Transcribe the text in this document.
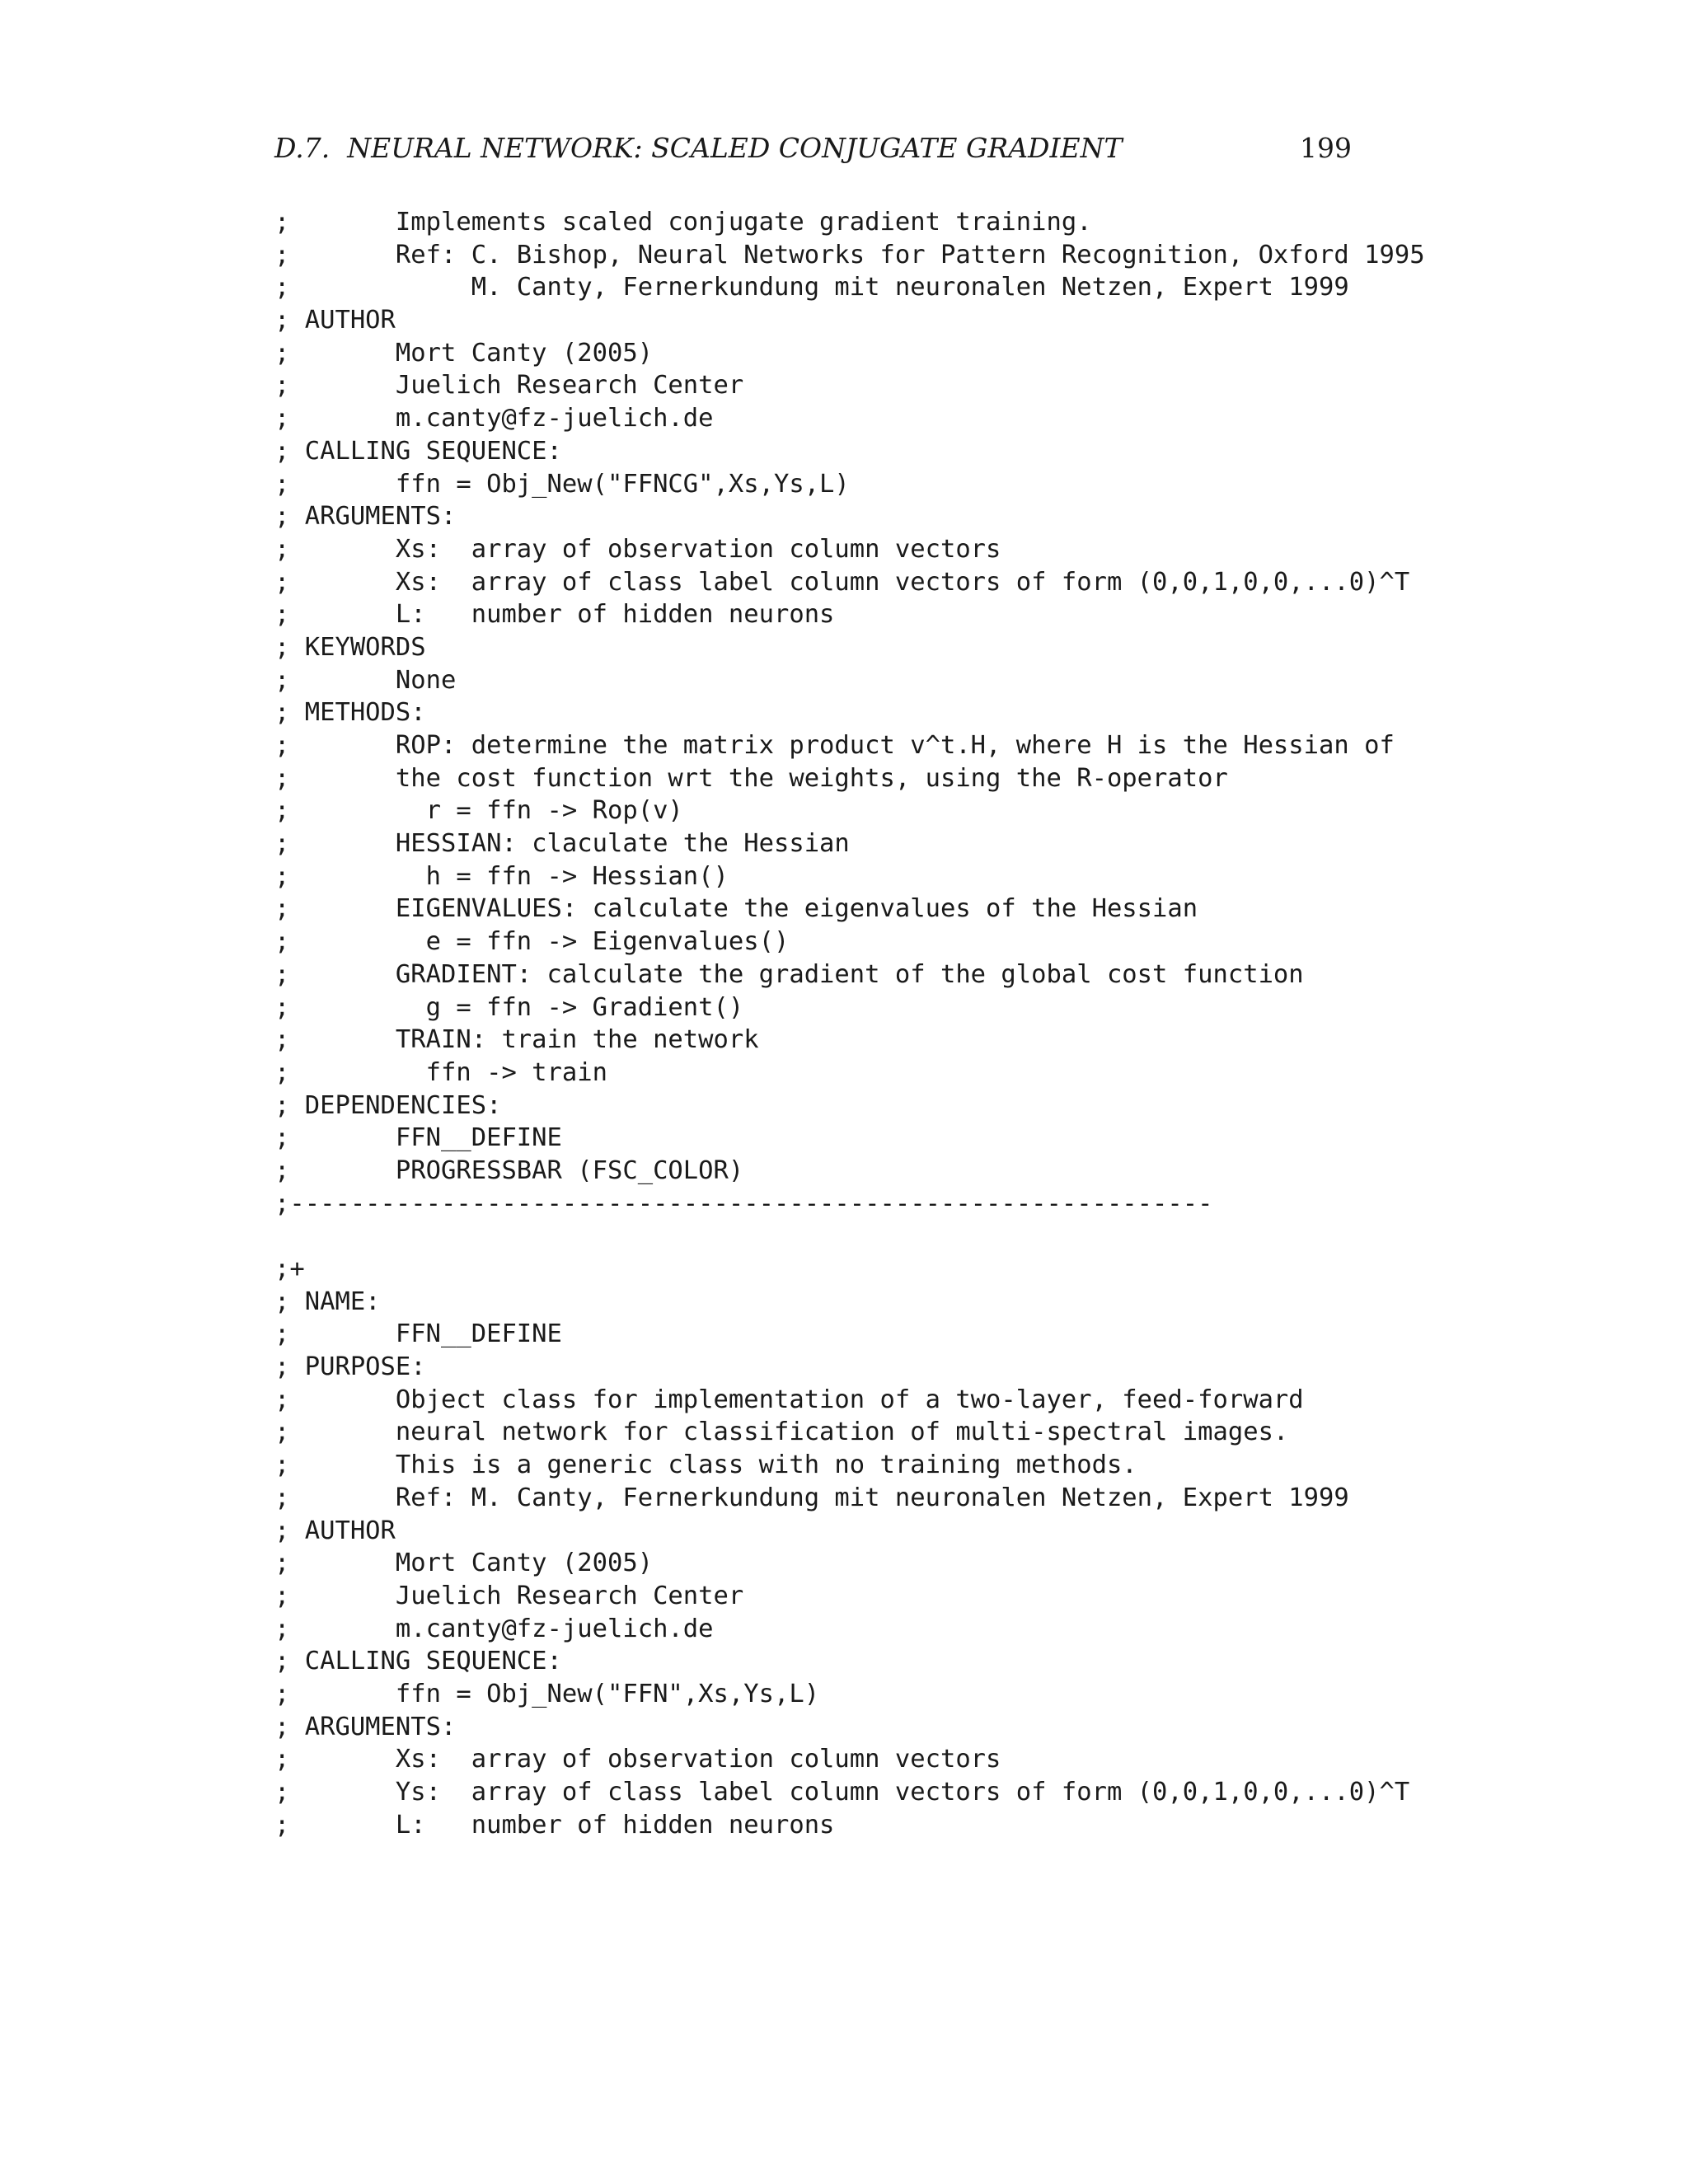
D.7.  NEURAL NETWORK: SCALED CONJUGATE GRADIENT

	199

;       Implements scaled conjugate gradient training.
;       Ref: C. Bishop, Neural Networks for Pattern Recognition, Oxford 1995
;            M. Canty, Fernerkundung mit neuronalen Netzen, Expert 1999
; AUTHOR
;       Mort Canty (2005)
;       Juelich Research Center
;       m.canty@fz-juelich.de
; CALLING SEQUENCE:
;       ffn = Obj_New("FFNCG",Xs,Ys,L)
; ARGUMENTS:
;       Xs:  array of observation column vectors
;       Xs:  array of class label column vectors of form (0,0,1,0,0,...0)^T
;       L:   number of hidden neurons
; KEYWORDS
;       None
; METHODS:
;       ROP: determine the matrix product v^t.H, where H is the Hessian of
;       the cost function wrt the weights, using the R-operator
;         r = ffn -> Rop(v)
;       HESSIAN: claculate the Hessian
;         h = ffn -> Hessian()
;       EIGENVALUES: calculate the eigenvalues of the Hessian
;         e = ffn -> Eigenvalues()
;       GRADIENT: calculate the gradient of the global cost function
;         g = ffn -> Gradient()
;       TRAIN: train the network
;         ffn -> train
; DEPENDENCIES:
;       FFN__DEFINE
;       PROGRESSBAR (FSC_COLOR)
;-------------------------------------------------------------
;+
; NAME:
;       FFN__DEFINE
; PURPOSE:
;       Object class for implementation of a two-layer, feed-forward
;       neural network for classification of multi-spectral images.
;       This is a generic class with no training methods.
;       Ref: M. Canty, Fernerkundung mit neuronalen Netzen, Expert 1999
; AUTHOR
;       Mort Canty (2005)
;       Juelich Research Center
;       m.canty@fz-juelich.de
; CALLING SEQUENCE:
;       ffn = Obj_New("FFN",Xs,Ys,L)
; ARGUMENTS:
;       Xs:  array of observation column vectors
;       Ys:  array of class label column vectors of form (0,0,1,0,0,...0)^T
;       L:   number of hidden neurons
